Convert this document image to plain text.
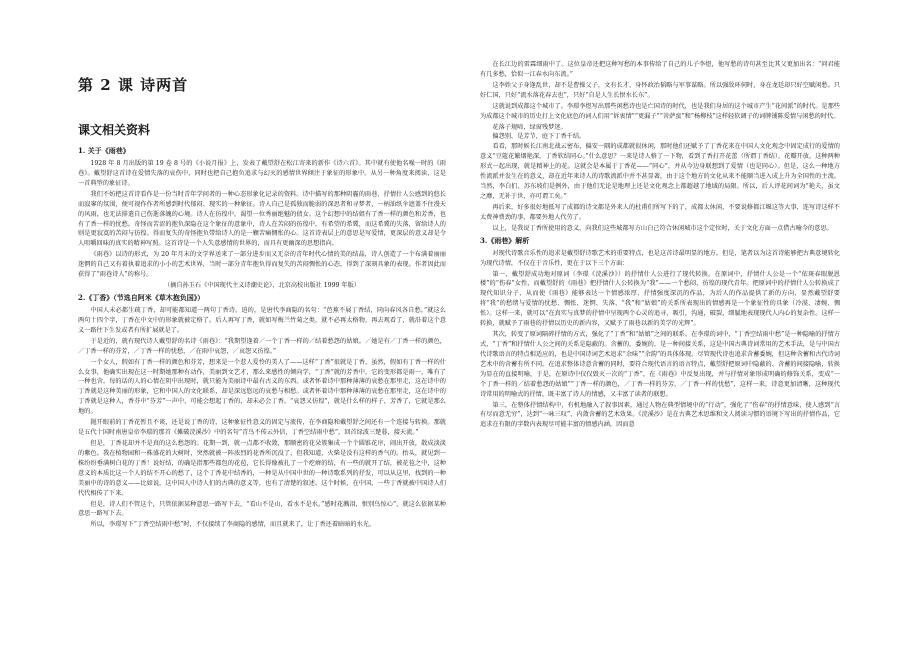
第 2 课 诗两首
课文相关资料
1. 关于《雨巷》

1928 年 8 月出版的第 19 卷 8 号的《小说月报》上，发表了戴望舒在松江寄来的新作《诗六首》。其中就有使他名噪一时的《雨巷》。戴望舒这首诗在爱情失落的哀伤中，同时也把自己抱负追求与幻灭的感情世界倾注于象征的形象中。从另一种角度来阅读，这是一首典型的象征诗。

我们不妨把这首诗看作是一份当时青年学问者的一种心态形象化记录的资料。诗中描写的那种阴霾的雨巷，抒情什人公感到的悠长而寂寥的氛围，便可视作作者所感到时代郁闷、现实的一种象征。诗人自己是孤独而脆弱的深思者和寻梦者，一柄油纸伞遮盖不住漫天的风雨，也无法排遣自己伤逝落魄的心境。诗人在彷徨中，渴望一位秀丽绝魅的倩女。这个幻想中的结姐有了香一样的颜色和芳香，也有了香一样的忧愁。奇怪而苦涩的抱负深隐在这个象征的意象中，诗人在苦闷的彷徨中，有希望的希冀，而这希冀的失落，留给诗人的则是更寂寞的苦闷与彷徨。得而复失的奇怪抱负带给诗人的是一颗苦痛惆怅的心。这首诗表层上的意思是写爱情，更深层的意义却是令人咀嚼回味的真实的精神写照。这首诗是一个人失意感情的世界的，而具有更幽深的思想指向。

《雨巷》以诗的形式，为 20 年月末的文学界送来了一部分进步而又无奈的青年时代心情的美的结晶，诗人创造了一个布满着丽丽迷惘的自己又有着执着追求的小小的艺术世界，当时一部分青年抱负得而复失的苦闷惆怅的心态，得到了深刻具象的表现。作者因此而获得了“雨巷诗人”的称号。

（摘自孙玉石《中国现代主义诗潮史论》，北京高校出版社 1999 年版）
2.《丁香》（节选自阿米《草木抱负国》）

中国人未必都生疏丁香，却可能都知道一两句丁香诗。迫的，是唐代李商隐的名句：“芭蕉不展丁香结，同向春风各自愁。”就这么两句十四个字，丁香在中文中的形象就被定格了。后人再写丁香，就如写梅兰竹菊之类，就不必再太格物，再去观看了，就沿着这个意义一路往下生发或者有所扩展就是了。

于是近的，就有现代诗人戴望舒的名诗《雨巷》：“我期望逢着／一个丁香一样的／结着愁怨的姑娘。／她是有／丁香一样的颜色，／丁香一样的芬芳，／丁香一样的忧愁，／在雨中哀怨，／哀怨又彷徨。”

一个女人，假如有丁香一样的颜色和芬芳，想来是一个惹人爱怜的美人了——这样“丁香”很就是丁香，虽然，假如有丁香一样的什么女事，他确实出现在这一时期她那种有动作，美丽到文艺才，那么来感性的倾向学，“丁香”就的芳香中，它的变形都是雨一，唯有了一种也含。每的话的人的心情在阴中出现时，就只能为美丽诗中最有古义的东西。或者怀着诗中那种薄薄的哀愁在那里走，这在诗中的丁香就是这种美丽的形象，它和中国人的文化联系，却是深远悠远的哀愁与相愁。或者怀着诗中那种薄薄的哀愁在那里走，这在诗中的丁香就是这种人，香芬中“芬芳”一声中，可能会想起丁香的，却未必会丁香。“哀怨又彷徨”，就是什么样的样子，芳香了，它就是那么地的。

抛开眼前的丁香花暂且不谈，还是说丁香的诗，这种象征性意义的固定与流传，在李商隐和戴望舒之间还有一个连接与转换。那就是五代十国时南唐皇帝李璟的那首《摊破浣溪沙》中的名句“青鸟不传云外信，丁香空结雨中愁”，回首绿波三楚暮，接天流。”

但是，丁香花却并不是真的这么愁怨的。花期一到，就一点都不收敛，那顺密的花朵簇集成一个个圆锥花序，闹出开放，散成淡淡的紫色。我在植物园和一株盛花的大树时，突然就被一阵浓烈的花香所沉没了，但我知道，火柴是没有这样的香气的。抬头，就见到一株纷纷垂满树白花的丁香！说好结，的确是指那些都包的花苞，它长得像被扎了一个疙瘩的结，有一些的就开了结，被花苞之中，这种意义的本质比这一个人的结不开心的愁了，这个丁香花中结香的，一种是从中国中世的一种诗歌系列的抒发，可以从这里，找到的一种美丽中的诗的意义——比如说，这中国人中诗人们的古典的意义等，也有了清楚的叙述。这个时候，在中国，一些丁香就被中国诗人们代代相传了下来。

但是，诗人们不管这个，只管依据某种意思一路写下去，“看山不是山，看水不是水。”感时花溅泪，恨别鸟惊心”，就这么依据某种意思一路写下去。

所以，李璟写下“丁香空结雨中愁”时，不仅接续了李商隐的感情，而且就来了，让丁香还着暗暗的水光，

在长江边的雷霖细雨中了。这位皇帝还把这种写愁的本事传给了自己的儿子李煜，他写愁的诗句甚至比其父更加出名：“问君能有几多愁，恰似一江春水向东流。”

这李姓父子身逢乱世，却不是曹操父子，文有长才，身怀政治韬略与军事谋略。所以强敌环伺时，身在龙廷却只好空赋闲愁。只好仁国，只好“流水落花春去也”，只好“自是人生长恨水长东”。

这就说到成都这个城市了。李璟李煜写出那些闲愁诗也是亡国诗的时代，也是我们身居的这个城市产生“花间派”的时代。是那些为成都这个城市的历史打上文化底色的词人们用“诉衷情”“更漏子”“菩萨蛮”和“杨柳枝”这样轻软调子的词牌铺陈爱情与闲愁的时代。

花落子规啼，绿窗残梦迷。
偏怨别，是芳节，庭下丁香千结。

看看，那时候长江南北战云密布，偏安一隅的成都就很休闲，那时他们还赋予了丁香花来在中国人文化观念中固定成行的爱情的意义“豆蔻花繁烟艳深，丁香软结同心。”什么意思？一来是诗人格了一下物，看到了香打开花蕾（所谓丁香结），花瓣开放，这种两种形式一起出现，就是精神上的花。这就会是本属于丁香花——“同心”，并从今边身联想到了爱情（也是同心）。但是，这么一种地方性流派并发生在的意义，却在近年来诗人的诗歌流派中并不甚显著，由于这个地方的文化从来不能顺当进入成上升为全国性的主流。当然，李白们、苏东坡们是例外，由于他们无论是地理上还是文化观念上都超越了地域的局限。所以，后人评花间词为“艳夫，虽文之靡，无补于世，亦可谓工矣。”

再后来，好多很好地抵写了成都的诗文都是外来人的杜甫们所写下的了，成都太休闲，不要说修都江堰这等大事，连写诗这样不太费神费劲的事，都要外地人代劳了。

以上，是我说丁香所使用的意义，向我们这些城都写方山白己符合休闲城市这个定位时，关于文化方面一点借古喻今的意思。

3.《雨巷》解析

对现代诗歌音乐性的追求是戴望舒诗歌艺术的重要特点，也是这首诗最明显的地方。但是，笔者以为这首诗能够把古典意境转化为现代诗情，不仅在于音乐性，更在于以下三个方面：

第一，戴望舒成功地对原词（李璟《浣溪沙》）的抒情什人公进行了现代转换。在原词中，抒情什人公是一个“依斑春眼脱恩楼”的“伤春”女性，而戴望舒的《雨巷》把抒情什人公转换为“我”——一个愁闷、彷徨的现代青年。把原词中的抒情什人公转换成了现代知识分子，从而使《雨巷》能够表达一个情感浓厚、抒情强度深沉的作品，为后人的作品提供了新的方向，显然戴望舒要将“我”的愁绪与爱情的忧愁、惆怅、迷惘、失落、“我”和“姑娘”的关系所表现出的情感再是一个象征性的具象（冷漠、凄婉、惆怅）。这样一来，就可以“在真实与真梦的抒情中呈现两个心灵的追寻，吸引，沟通，破裂，细腻地表现现代人内心的复杂性。这样一转换，就赋予了雨巷的抒情以历史的新内容，又赋予了雨巷以新的美学的光辉”。

其次，转变了原词隔碎抒情的方式，强化了“丁香”和“姑娘”之间的联系。在李璟的词中，“丁香空结雨中愁”是一种隐喻的抒情方式，“丁香”和抒情什人公之间的关系是隐蔽的。含蓄的，委婉的，是一种间接关系，这是中国古典诗词常用的艺术手法，是与中国古代诗歌语言的特点相适应的，也是中国诗词艺术追求“余味”“余韵”的具体体现。尽管现代诗也追求含蓄委婉，但这种含蓄和古代诗词艺术中的含蓄有所不同。在追求整体诗意含蓄的同时，要符合现代语言的语言特点，戴望舒把原词中隐蔽的、含蓄的间接隐喻，转换为显在的直接明喻，于是，在原诗中仅仅毁灭一次的“丁香”，在《雨巷》中反复出现，并与抒情对象形成明确的修饰关系，变成“一个丁香一样的／结着愁怨的姑娘”“丁香一样的颜色，／丁香一样的芬芳，／丁香一样的忧愁”，这样一来，诗意更加清晰，这种现代诗常用的明喻式的抒情，既丰富了诗人的情感，又丰富了读者的联想。

第三，在整体抒情结构中，有机地融入了叙事因素，通过人物在典型情境中的“行动”，强化了“伤春”的抒情意味，使人感到“言有尽而意无穷”，达到“一咏三叹”，内敛含蓄的艺术效果。《浣溪沙》是在古典艺术思维和文人阅读习惯的语境下写出的抒情作品，它追求在有限的字数内表现尽可能丰富的情感内涵，因而意
